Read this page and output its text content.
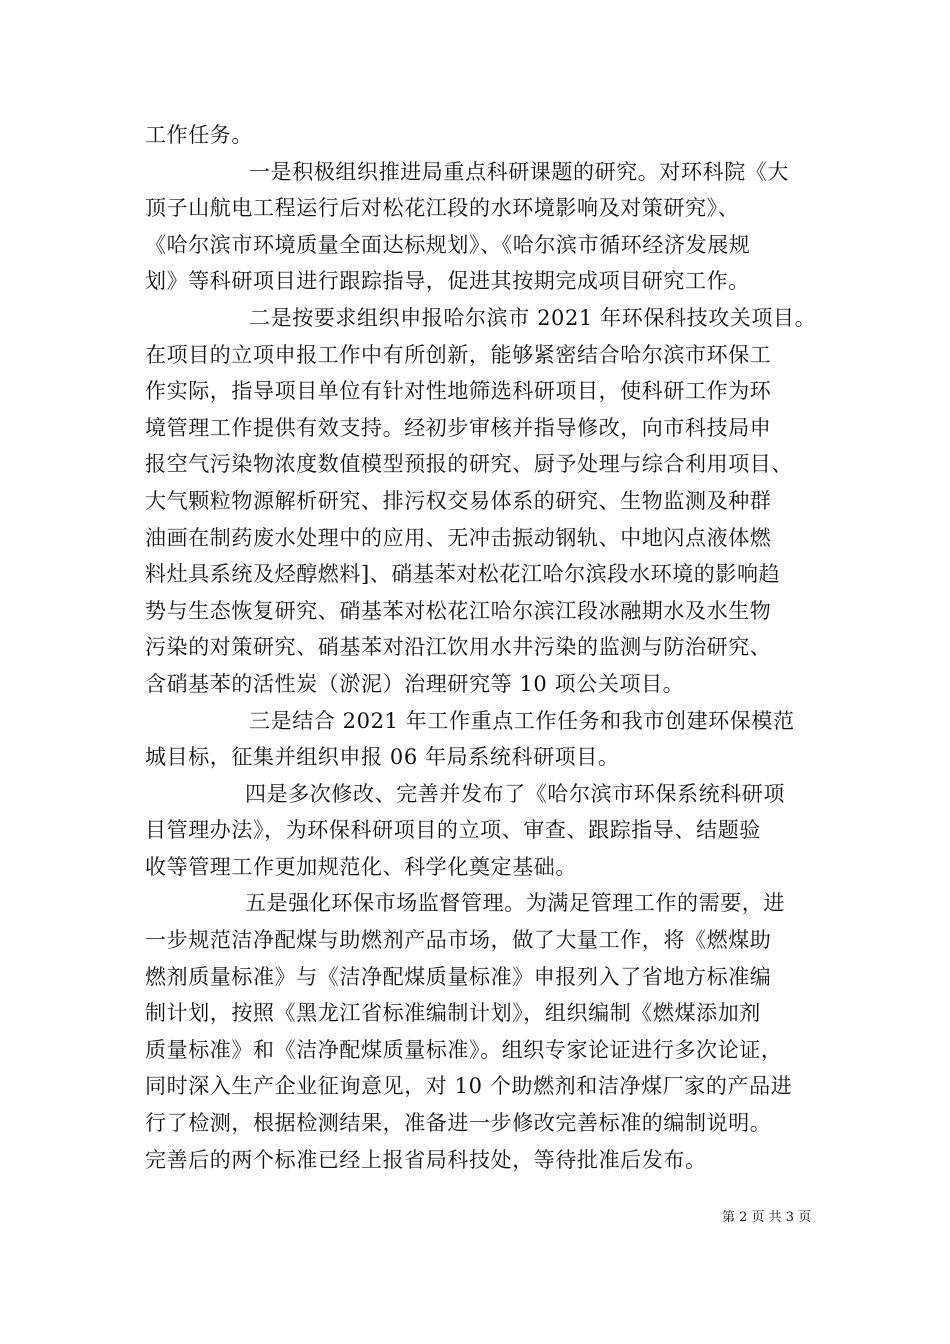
工作任务。
一是积极组织推进局重点科研课题的研究。对环科院《大
顶子山航电工程运行后对松花江段的水环境影响及对策研究》、
《哈尔滨市环境质量全面达标规划》、《哈尔滨市循环经济发展规
划》等科研项目进行跟踪指导，促进其按期完成项目研究工作。
二是按要求组织申报哈尔滨市 2021 年环保科技攻关项目。
在项目的立项申报工作中有所创新，能够紧密结合哈尔滨市环保工
作实际，指导项目单位有针对性地筛选科研项目，使科研工作为环
境管理工作提供有效支持。经初步审核并指导修改，向市科技局申
报空气污染物浓度数值模型预报的研究、厨予处理与综合利用项目、
大气颗粒物源解析研究、排污权交易体系的研究、生物监测及种群
油画在制药废水处理中的应用、无冲击振动钢轨、中地闪点液体燃
料灶具系统及烃醇燃料]、硝基苯对松花江哈尔滨段水环境的影响趋
势与生态恢复研究、硝基苯对松花江哈尔滨江段冰融期水及水生物
污染的对策研究、硝基苯对沿江饮用水井污染的监测与防治研究、
含硝基苯的活性炭（淤泥）治理研究等 10 项公关项目。
三是结合 2021 年工作重点工作任务和我市创建环保模范
城目标，征集并组织申报 06 年局系统科研项目。
四是多次修改、完善并发布了《哈尔滨市环保系统科研项
目管理办法》，为环保科研项目的立项、审查、跟踪指导、结题验
收等管理工作更加规范化、科学化奠定基础。
五是强化环保市场监督管理。为满足管理工作的需要，进
一步规范洁净配煤与助燃剂产品市场，做了大量工作，将《燃煤助
燃剂质量标准》与《洁净配煤质量标准》申报列入了省地方标准编
制计划，按照《黑龙江省标准编制计划》，组织编制《燃煤添加剂
质量标准》和《洁净配煤质量标准》。组织专家论证进行多次论证，
同时深入生产企业征询意见，对 10 个助燃剂和洁净煤厂家的产品进
行了检测，根据检测结果，准备进一步修改完善标准的编制说明。
完善后的两个标准已经上报省局科技处，等待批准后发布。
第 2 页 共 3 页
